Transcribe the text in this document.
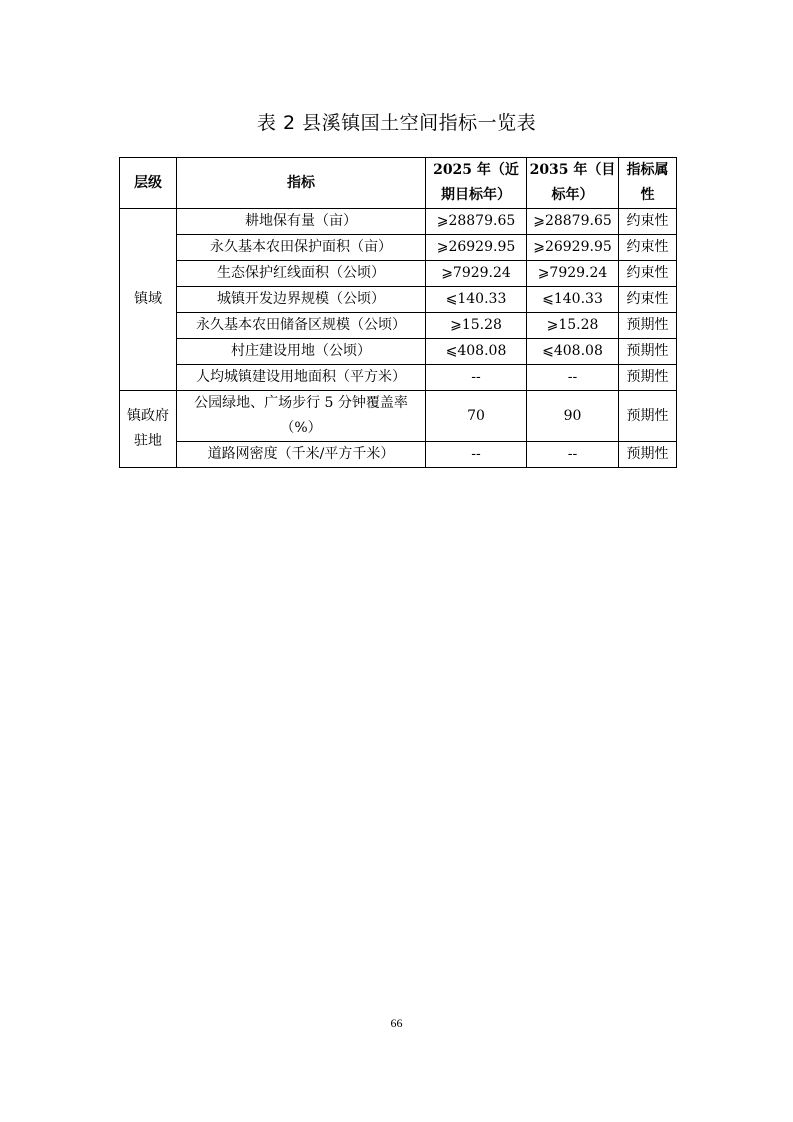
表 2 县溪镇国土空间指标一览表
层级	指标	2025 年（近期目标年）	2035 年（目标年）	指标属性
镇域	耕地保有量（亩）	⩾28879.65	⩾28879.65	约束性
	永久基本农田保护面积（亩）	⩾26929.95	⩾26929.95	约束性
	生态保护红线面积（公顷）	⩾7929.24	⩾7929.24	约束性
	城镇开发边界规模（公顷）	⩽140.33	⩽140.33	约束性
	永久基本农田储备区规模（公顷）	⩾15.28	⩾15.28	预期性
	村庄建设用地（公顷）	⩽408.08	⩽408.08	预期性
	人均城镇建设用地面积（平方米）	--	--	预期性
镇政府驻地	公园绿地、广场步行 5 分钟覆盖率（%）	70	90	预期性
	道路网密度（千米/平方千米）	--	--	预期性
66
